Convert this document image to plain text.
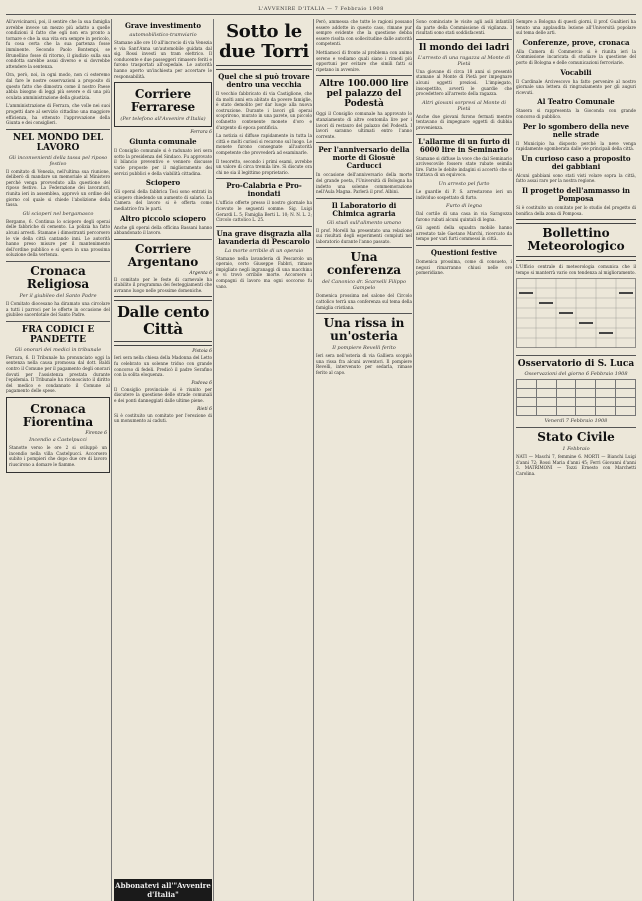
L'AVVENIRE D'ITALIA — 7 Febbraio 1908

All'avvicinarsi, poi, il sentire che la sua famiglia avrebbe invece un mezzo più adatto a quelle condizioni il fatto che egli non era pronto a tornare e che la sua vita era sempre in pericolo, fu cosa certa che la sua partenza fosse imminente. Secondo Paolo Bontempi, se Brunellino fosse di ritorno, il giudizio sulla sua condotta sarebbe assai diverso e si dovrebbe attendere la sentenza.

Ora, però, noi, in ogni modo, non ci esteremo dal fare le nostre osservazioni a proposito di questo fatto che dimostra come il nostro Paese abbia bisogno di leggi più severe e di una più oculata amministrazione della giustizia.

L'amministrazione di Ferrara, che volle nei suoi progetti dare al servizio cittadino una maggiore efficienza, ha ottenuto l'approvazione della Giunta e dei consiglieri.

NEL MONDO DEL LAVORO
Gli inconvenienti della tassa pel riposo festivo

Il comitato di Venezia, nell'ultima sua riunione, deliberò di mandare un memoriale al Ministero perché venga provveduto alla questione del riposo festivo. La Federazione dei lavoratori, riunita ieri in assemblea, approvò un ordine del giorno col quale si chiede l'abolizione della tassa.

Gli scioperi nel bergamasco

Bergamo, 6. Continua lo sciopero degli operai delle fabbriche di cemento. La polizia ha fatto alcuni arresti. Stamane i dimostranti percorsero le vie della città cantando inni. Le autorità hanno preso misure per il mantenimento dell'ordine pubblico e si spera in una prossima soluzione della vertenza.

Cronaca Religiosa
Per il giubileo del Santo Padre

Il Comitato diocesano ha diramato una circolare a tutti i parroci per le offerte in occasione del giubileo sacerdotale del Santo Padre.

FRA CODICI E PANDETTE
Gli onorari dei medici in tribunale

Ferrara, 6. Il Tribunale ha pronunciato oggi la sentenza nella causa promossa dal dott. Baldi contro il Comune per il pagamento degli onorari dovuti per l'assistenza prestata durante l'epidemia. Il Tribunale ha riconosciuto il diritto del medico e condannato il Comune al pagamento delle spese.

Cronaca Fiorentina
Firenze 6
Incendio a Castelpucci

Stanotte verso le ore 2 si sviluppò un incendio nella villa Castelpucci. Accorsero subito i pompieri che dopo due ore di lavoro riuscirono a domare le fiamme.

Grave investimento
automobilistico-tramviario

Stamane alle ore 10 all'incrocio di via Venezia e via Sant'Anna un'automobile guidata dal sig. Rossi investì un tram elettrico. Il conducente e due passeggeri rimasero feriti e furono trasportati all'ospedale. Le autorità hanno aperto un'inchiesta per accertare le responsabilità.

Corriere Ferrarese
(Per telefono all'Avvenire d'Italia)
Ferrara 6
Giunta comunale

Il Consiglio comunale si è radunato ieri sera sotto la presidenza del Sindaco. Fu approvato il bilancio preventivo e vennero discusse varie proposte per il miglioramento dei servizi pubblici e della viabilità cittadina.

Sciopero

Gli operai della fabbrica Tosi sono entrati in sciopero chiedendo un aumento di salario. La Camera del lavoro si è offerta come mediatrice fra le parti.

Altro piccolo sciopero

Anche gli operai della officina Bassani hanno abbandonato il lavoro.

Corriere Argentano
Argenta 6

Il comitato per le feste di carnevale ha stabilito il programma dei festeggiamenti che avranno luogo nelle prossime domeniche.

Dalle cento Città
Pistoia 6

Ieri sera nella chiesa della Madonna del Letto fu celebrato un solenne triduo con grande concorso di fedeli. Predicò il padre Serafino con la solita eloquenza.

Padova 6

Il Consiglio provinciale si è riunito per discutere la questione delle strade comunali e dei ponti danneggiati dalle ultime piene.

Rieti 6

Si è costituito un comitato per l'erezione di un monumento ai caduti.

Abbonatevi all'"Avvenire d'Italia"
Sotto le due Torri
Quel che si può trovare dentro una vecchia

Il vecchio fabbricato di via Castiglione, che da molti anni era abitato da povere famiglie, è stato demolito per dar luogo alla nuova costruzione. Durante i lavori gli operai scoprirono, murato in una parete, un piccolo cofanetto contenente monete d'oro e d'argento di epoca pontificia.

La notizia si diffuse rapidamente in tutta la città e molti curiosi si recarono sul luogo. Le monete furono consegnate all'autorità competente che provvederà ad esaminarle.

Il tesoretto, secondo i primi esami, avrebbe un valore di circa tremila lire. Si discute ora chi ne sia il legittimo proprietario.

Pro-Calabria e Pro-inondati

L'ufficio offerte presso il nostro giornale ha ricevuto le seguenti somme: Sig. Luigi Gerardi L. 5; Famiglia Berti L. 10; N. N. L. 2; Circolo cattolico L. 25.

Una grave disgrazia alla lavanderia di Pescarolo
La morte orribile di un operaio

Stamane nella lavanderia di Pescarolo un operaio, certo Giuseppe Fabbri, rimase impigliato negli ingranaggi di una macchina e vi trovò orribile morte. Accorsero i compagni di lavoro ma ogni soccorso fu vano.

Però, ammessa che tutte le ragioni possano essere addotte in questo caso, rimane pur sempre evidente che la questione debba essere risolta con sollecitudine dalle autorità competenti.

Mettiamoci di fronte al problema con animo sereno e vediamo quali siano i rimedi più opportuni per evitare che simili fatti si ripetano in avvenire.

Altre 100.000 lire pel palazzo del Podestà

Oggi il Consiglio comunale ha approvato lo stanziamento di altre centomila lire per i lavori di restauro del palazzo del Podestà. I lavori saranno ultimati entro l'anno corrente.

Per l'anniversario della morte di Giosuè Carducci

In occasione dell'anniversario della morte del grande poeta, l'Università di Bologna ha indetto una solenne commemorazione nell'Aula Magna. Parlerà il prof. Albini.

Il Laboratorio di Chimica agraria
Gli studi sull'alimento umano

Il prof. Morelli ha presentato una relazione sui risultati degli esperimenti compiuti nel laboratorio durante l'anno passato.

Una conferenza
del Canonico dr. Scarselli Filippo Gampelo

Domenica prossima nel salone del Circolo cattolico terrà una conferenza sul tema della famiglia cristiana.

Una rissa in un'osteria
Il pompiere Revelli ferito

Ieri sera nell'osteria di via Galliera scoppiò una rissa fra alcuni avventori. Il pompiere Revelli, intervenuto per sedarla, rimase ferito al capo.

Sono cominciate le visite agli asili infantili da parte della Commissione di vigilanza. I risultati sono stati soddisfacenti.

Il mondo dei ladri
L'arresto di una ragazza al Monte di Pietà

Una giovane di circa 18 anni si presentò stamane al Monte di Pietà per impegnare alcuni oggetti preziosi. L'impiegato, insospettito, avvertì le guardie che procedettero all'arresto della ragazza.

Altri giovani sorpresi al Monte di Pietà

Anche due giovani furono fermati mentre tentavano di impegnare oggetti di dubbia provenienza.

L'allarme di un furto di 6000 lire in Seminario

Stamane si diffuse la voce che dal Seminario arcivescovile fossero state rubate seimila lire. Fatte le debite indagini si accertò che si trattava di un equivoco.

Un arresto pel furto

Le guardie di P. S. arrestarono ieri un individuo sospettato di furto.

Furto di legna

Dal cortile di una casa in via Saragozza furono rubati alcuni quintali di legna.

Gli agenti della squadra mobile hanno arrestato tale Gaetano Marchi, ricercato da tempo per vari furti commessi in città.

Questioni festive

Domenica prossima, come di consueto, i negozi rimarranno chiusi nelle ore pomeridiane.

Sempre a Bologna di questi giorni, il prof. Gualtieri ha tenuto una applaudita lezione all'Università popolare sul tema delle arti.

Conferenze, prove, cronaca

Alla Camera di Commercio si è riunita ieri la Commissione incaricata di studiare la questione del porto di Bologna e delle comunicazioni ferroviarie.

Vocabili

Il Cardinale Arcivescovo ha fatto pervenire al nostro giornale una lettera di ringraziamento per gli auguri ricevuti.

Al Teatro Comunale

Stasera si rappresenta la Gioconda con grande concorso di pubblico.

Per lo sgombero della neve nelle strade

Il Municipio ha disposto perché la neve venga rapidamente sgomberata dalle vie principali della città.

Un curioso caso a proposito dei gabbiani

Alcuni gabbiani sono stati visti volare sopra la città, fatto assai raro per la nostra regione.

Il progetto dell'ammasso in Pomposa

Si è costituito un comitato per lo studio del progetto di bonifica della zona di Pomposa.

Bollettino Meteorologico

L'Ufficio centrale di meteorologia comunica che il tempo si manterrà vario con tendenza al miglioramento.

Osservatorio di S. Luca
Osservazioni del giorno 6 Febbraio 1908

Venerdì 7 Febbraio 1908
Stato Civile
1 Febbraio

NATI — Maschi 7, femmine 6. MORTI — Bianchi Luigi d'anni 72; Rossi Maria d'anni 45; Ferri Giovanni d'anni 3. MATRIMONI — Tozzi Ernesto con Marchetti Carolina.
